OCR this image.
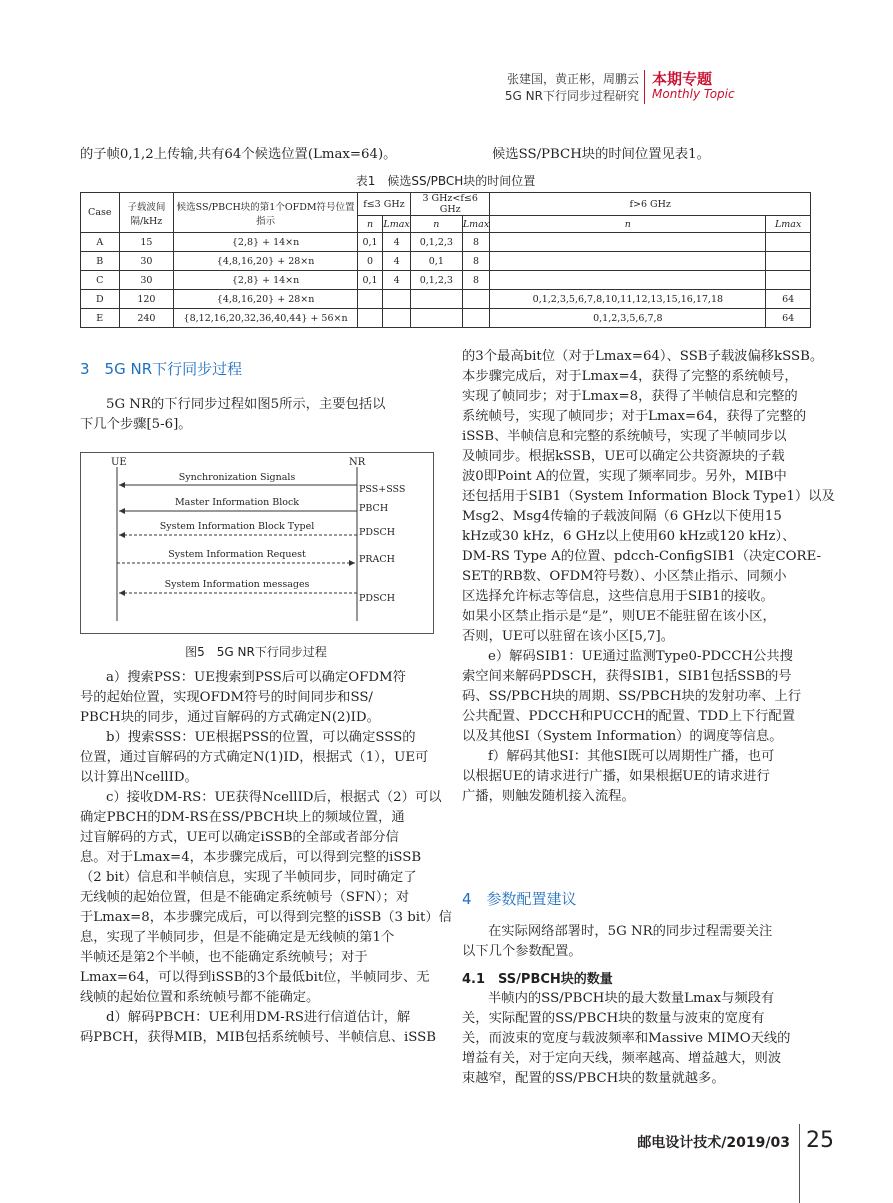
张建国，黄正彬，周鹏云
5G NR下行同步过程研究
本期专题
Monthly Topic
的子帧0,1,2上传输,共有64个候选位置(Lmax=64)。	候选SS/PBCH块的时间位置见表1。
表1　候选SS/PBCH块的时间位置
Case	子载波间隔/kHz	候选SS/PBCH块的第1个OFDM符号位置指示	f≤3 GHz		3 GHz<f≤6 GHz		f>6 GHz	
			n	Lmax	n	Lmax	n	Lmax
A	15	{2,8} + 14×n	0,1	4	0,1,2,3	8		
B	30	{4,8,16,20} + 28×n	0	4	0,1	8		
C	30	{2,8} + 14×n	0,1	4	0,1,2,3	8		
D	120	{4,8,16,20} + 28×n					0,1,2,3,5,6,7,8,10,11,12,13,15,16,17,18	64
E	240	{8,12,16,20,32,36,40,44} + 56×n					0,1,2,3,5,6,7,8	64
3　5G NR下行同步过程
5G NR的下行同步过程如图5所示，主要包括以
下几个步骤[5-6]。
UE	NR
Synchronization Signals
PSS+SSS
Master Information Block
PBCH
System Information Block Typel
PDSCH
System Information Request	PRACH
System Information messages
PDSCH
图5　5G NR下行同步过程
a）搜索PSS：UE搜索到PSS后可以确定OFDM符
号的起始位置，实现OFDM符号的时间同步和SS/
PBCH块的同步，通过盲解码的方式确定N(2)ID。
b）搜索SSS：UE根据PSS的位置，可以确定SSS的
位置，通过盲解码的方式确定N(1)ID，根据式（1），UE可
以计算出NcellID。
c）接收DM-RS：UE获得NcellID后，根据式（2）可以
确定PBCH的DM-RS在SS/PBCH块上的频域位置，通
过盲解码的方式，UE可以确定iSSB的全部或者部分信
息。对于Lmax=4，本步骤完成后，可以得到完整的iSSB
（2 bit）信息和半帧信息，实现了半帧同步，同时确定了
无线帧的起始位置，但是不能确定系统帧号（SFN）；对
于Lmax=8，本步骤完成后，可以得到完整的iSSB（3 bit）信
息，实现了半帧同步，但是不能确定是无线帧的第1个
半帧还是第2个半帧，也不能确定系统帧号；对于
Lmax=64，可以得到iSSB的3个最低bit位，半帧同步、无
线帧的起始位置和系统帧号都不能确定。
d）解码PBCH：UE利用DM-RS进行信道估计，解
码PBCH，获得MIB，MIB包括系统帧号、半帧信息、iSSB
的3个最高bit位（对于Lmax=64）、SSB子载波偏移kSSB。
本步骤完成后，对于Lmax=4，获得了完整的系统帧号，
实现了帧同步；对于Lmax=8，获得了半帧信息和完整的
系统帧号，实现了帧同步；对于Lmax=64，获得了完整的
iSSB、半帧信息和完整的系统帧号，实现了半帧同步以
及帧同步。根据kSSB，UE可以确定公共资源块的子载
波0即Point A的位置，实现了频率同步。另外，MIB中
还包括用于SIB1（System Information Block Type1）以及
Msg2、Msg4传输的子载波间隔（6 GHz以下使用15
kHz或30 kHz，6 GHz以上使用60 kHz或120 kHz）、
DM-RS Type A的位置、pdcch-ConfigSIB1（决定CORE-
SET的RB数、OFDM符号数）、小区禁止指示、同频小
区选择允许标志等信息，这些信息用于SIB1的接收。
如果小区禁止指示是“是”，则UE不能驻留在该小区，
否则，UE可以驻留在该小区[5,7]。
e）解码SIB1：UE通过监测Type0-PDCCH公共搜
索空间来解码PDSCH，获得SIB1，SIB1包括SSB的号
码、SS/PBCH块的周期、SS/PBCH块的发射功率、上行
公共配置、PDCCH和PUCCH的配置、TDD上下行配置
以及其他SI（System Information）的调度等信息。
f）解码其他SI：其他SI既可以周期性广播，也可
以根据UE的请求进行广播，如果根据UE的请求进行
广播，则触发随机接入流程。
4　参数配置建议
在实际网络部署时，5G NR的同步过程需要关注
以下几个参数配置。
4.1　SS/PBCH块的数量
半帧内的SS/PBCH块的最大数量Lmax与频段有
关，实际配置的SS/PBCH块的数量与波束的宽度有
关，而波束的宽度与载波频率和Massive MIMO天线的
增益有关，对于定向天线，频率越高、增益越大，则波
束越窄，配置的SS/PBCH块的数量就越多。
邮电设计技术/2019/03 25
